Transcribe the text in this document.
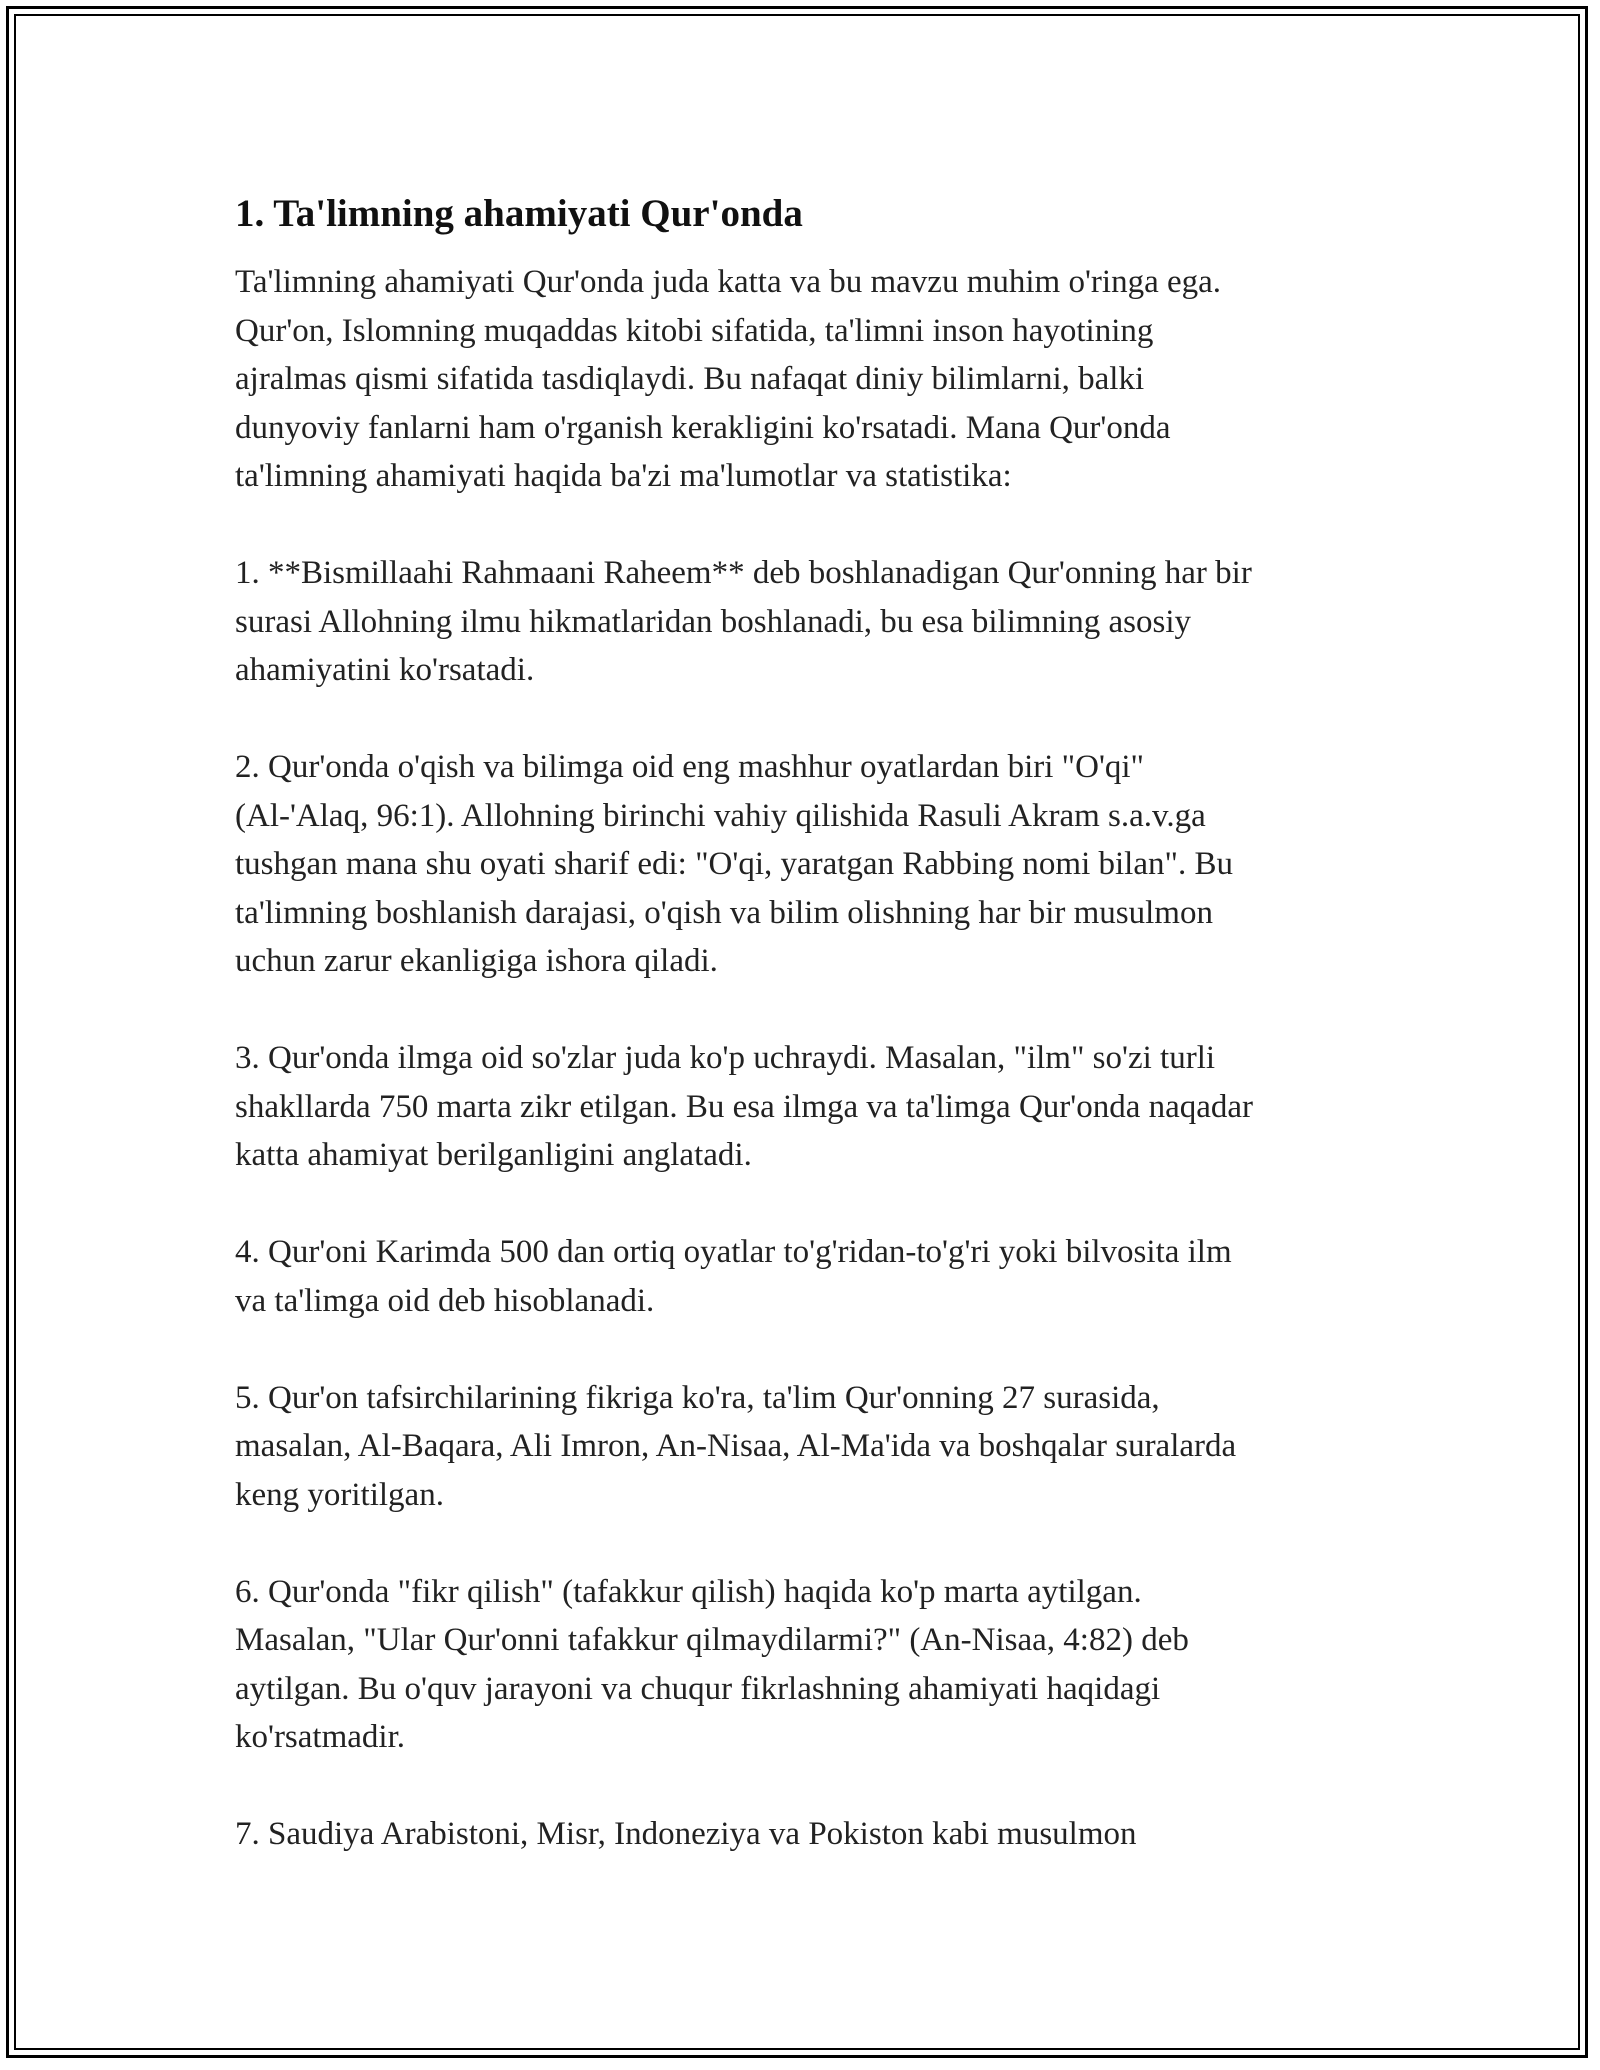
1. Ta'limning ahamiyati Qur'onda

Ta'limning ahamiyati Qur'onda juda katta va bu mavzu muhim o'ringa ega.
Qur'on, Islomning muqaddas kitobi sifatida, ta'limni inson hayotining
ajralmas qismi sifatida tasdiqlaydi. Bu nafaqat diniy bilimlarni, balki
dunyoviy fanlarni ham o'rganish kerakligini ko'rsatadi. Mana Qur'onda
ta'limning ahamiyati haqida ba'zi ma'lumotlar va statistika:

1. **Bismillaahi Rahmaani Raheem** deb boshlanadigan Qur'onning har bir
surasi Allohning ilmu hikmatlaridan boshlanadi, bu esa bilimning asosiy
ahamiyatini ko'rsatadi.

2. Qur'onda o'qish va bilimga oid eng mashhur oyatlardan biri "O'qi"
(Al-'Alaq, 96:1). Allohning birinchi vahiy qilishida Rasuli Akram s.a.v.ga
tushgan mana shu oyati sharif edi: "O'qi, yaratgan Rabbing nomi bilan". Bu
ta'limning boshlanish darajasi, o'qish va bilim olishning har bir musulmon
uchun zarur ekanligiga ishora qiladi.

3. Qur'onda ilmga oid so'zlar juda ko'p uchraydi. Masalan, "ilm" so'zi turli
shakllarda 750 marta zikr etilgan. Bu esa ilmga va ta'limga Qur'onda naqadar
katta ahamiyat berilganligini anglatadi.

4. Qur'oni Karimda 500 dan ortiq oyatlar to'g'ridan-to'g'ri yoki bilvosita ilm
va ta'limga oid deb hisoblanadi.

5. Qur'on tafsirchilarining fikriga ko'ra, ta'lim Qur'onning 27 surasida,
masalan, Al-Baqara, Ali Imron, An-Nisaa, Al-Ma'ida va boshqalar suralarda
keng yoritilgan.

6. Qur'onda "fikr qilish" (tafakkur qilish) haqida ko'p marta aytilgan.
Masalan, "Ular Qur'onni tafakkur qilmaydilarmi?" (An-Nisaa, 4:82) deb
aytilgan. Bu o'quv jarayoni va chuqur fikrlashning ahamiyati haqidagi
ko'rsatmadir.

7. Saudiya Arabistoni, Misr, Indoneziya va Pokiston kabi musulmon
